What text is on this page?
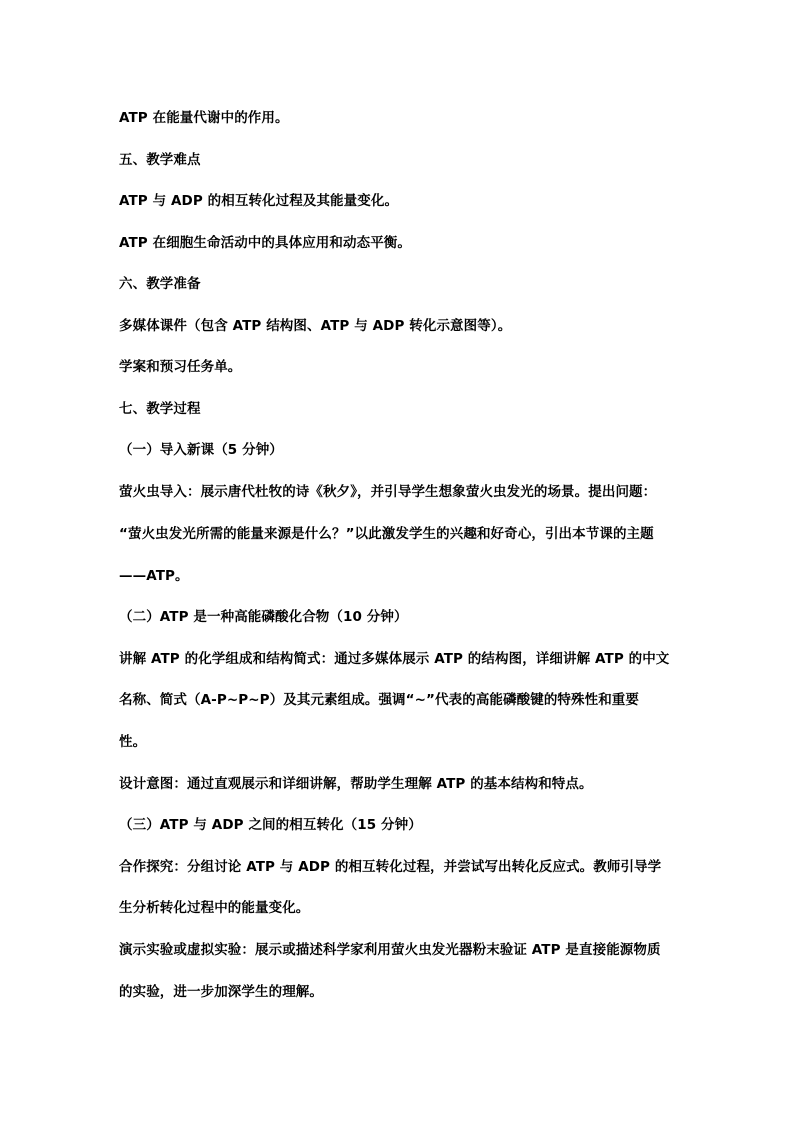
ATP 在能量代谢中的作用。
五、教学难点
ATP 与 ADP 的相互转化过程及其能量变化。
ATP 在细胞生命活动中的具体应用和动态平衡。
六、教学准备
多媒体课件（包含 ATP 结构图、ATP 与 ADP 转化示意图等）。
学案和预习任务单。
七、教学过程
（一）导入新课（5 分钟）
萤火虫导入：展示唐代杜牧的诗《秋夕》，并引导学生想象萤火虫发光的场景。提出问题：
“萤火虫发光所需的能量来源是什么？”以此激发学生的兴趣和好奇心，引出本节课的主题
——ATP。
（二）ATP 是一种高能磷酸化合物（10 分钟）
讲解 ATP 的化学组成和结构简式：通过多媒体展示 ATP 的结构图，详细讲解 ATP 的中文
名称、简式（A-P~P~P）及其元素组成。强调“~”代表的高能磷酸键的特殊性和重要
性。
设计意图：通过直观展示和详细讲解，帮助学生理解 ATP 的基本结构和特点。
（三）ATP 与 ADP 之间的相互转化（15 分钟）
合作探究：分组讨论 ATP 与 ADP 的相互转化过程，并尝试写出转化反应式。教师引导学
生分析转化过程中的能量变化。
演示实验或虚拟实验：展示或描述科学家利用萤火虫发光器粉末验证 ATP 是直接能源物质
的实验，进一步加深学生的理解。
